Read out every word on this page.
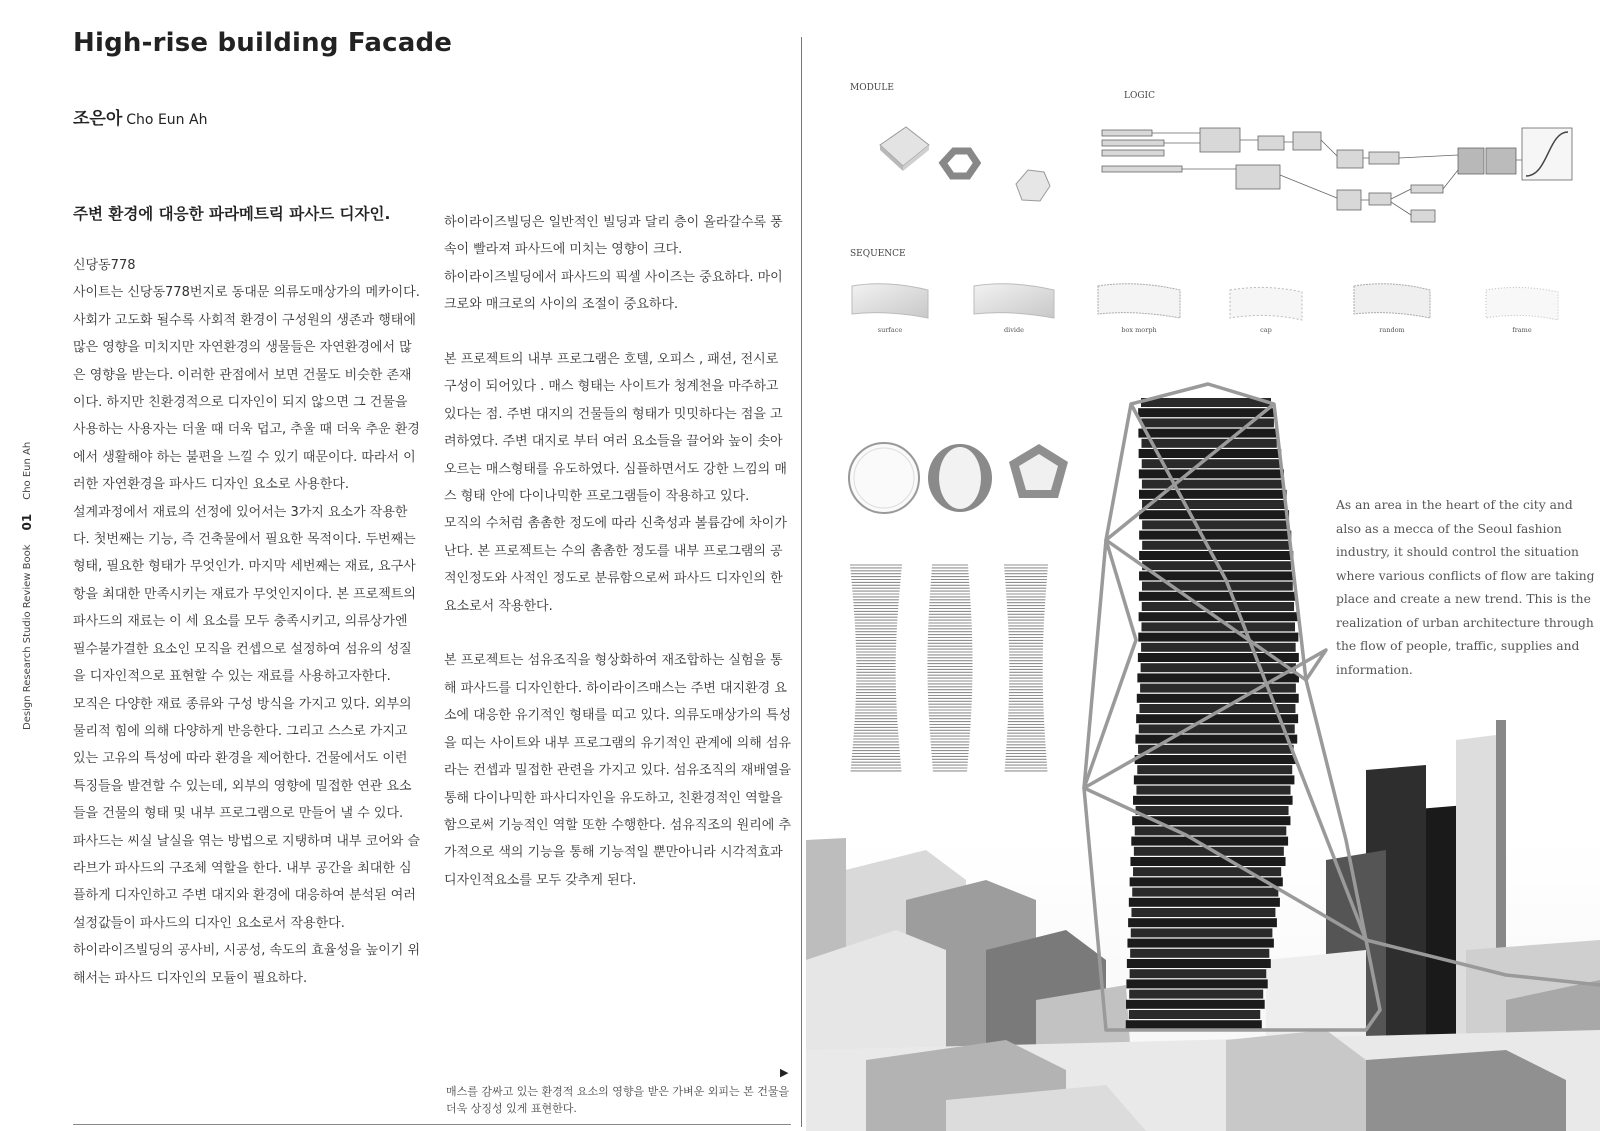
High-rise building Facade
조은아 Cho Eun Ah
Design Research Studio Review Book
01
Cho Eun Ah

주변 환경에 대응한 파라메트릭 파사드 디자인.

신당동778

사이트는 신당동778번지로 동대문 의류도매상가의 메카이다.

사회가 고도화 될수록 사회적 환경이 구성원의 생존과 행태에 많은 영향을 미치지만 자연환경의 생물들은 자연환경에서 많은 영향을 받는다. 이러한 관점에서 보면 건물도 비슷한 존재이다. 하지만 친환경적으로 디자인이 되지 않으면 그 건물을 사용하는 사용자는 더울 때 더욱 덥고, 추울 때 더욱 추운 환경에서 생활해야 하는 불편을 느낄 수 있기 때문이다. 따라서 이러한 자연환경을 파사드 디자인 요소로 사용한다.

설계과정에서 재료의 선정에 있어서는 3가지 요소가 작용한다. 첫번째는 기능, 즉 건축물에서 필요한 목적이다. 두번째는 형태, 필요한 형태가 무엇인가. 마지막 세번째는 재료, 요구사항을 최대한 만족시키는 재료가 무엇인지이다. 본 프로젝트의 파사드의 재료는 이 세 요소를 모두 충족시키고, 의류상가엔 필수불가결한 요소인 모직을 컨셉으로 설정하여 섬유의 성질을 디자인적으로 표현할 수 있는 재료를 사용하고자한다.

모직은 다양한 재료 종류와 구성 방식을 가지고 있다. 외부의 물리적 힘에 의해 다양하게 반응한다. 그리고 스스로 가지고 있는 고유의 특성에 따라 환경을 제어한다. 건물에서도 이런 특징들을 발견할 수 있는데, 외부의 영향에 밀접한 연관 요소들을 건물의 형태 및 내부 프로그램으로 만들어 낼 수 있다.

파사드는 씨실 날실을 엮는 방법으로 지탱하며 내부 코어와 슬라브가 파사드의 구조체 역할을 한다. 내부 공간을 최대한 심플하게 디자인하고 주변 대지와 환경에 대응하여 분석된 여러 설정값들이 파사드의 디자인 요소로서 작용한다.

하이라이즈빌딩의 공사비, 시공성, 속도의 효율성을 높이기 위해서는 파사드 디자인의 모듈이 필요하다.

하이라이즈빌딩은 일반적인 빌딩과 달리 층이 올라갈수록 풍속이 빨라져 파사드에 미치는 영향이 크다.

하이라이즈빌딩에서 파사드의 픽셀 사이즈는 중요하다. 마이크로와 매크로의 사이의 조절이 중요하다.

본 프로젝트의 내부 프로그램은 호텔, 오피스 , 패션, 전시로 구성이 되어있다 . 매스 형태는 사이트가 청계천을 마주하고 있다는 점. 주변 대지의 건물들의 형태가 밋밋하다는 점을 고려하였다. 주변 대지로 부터 여러 요소들을 끌어와 높이 솟아오르는 매스형태를 유도하였다. 심플하면서도 강한 느낌의 매스 형태 안에 다이나믹한 프로그램들이 작용하고 있다.

모직의 수처럼 촘촘한 정도에 따라 신축성과 볼륨감에 차이가 난다. 본 프로젝트는 수의 촘촘한 정도를 내부 프로그램의 공적인정도와 사적인 정도로 분류함으로써 파사드 디자인의 한 요소로서 작용한다.

본 프로젝트는 섬유조직을 형상화하여 재조합하는 실험을 통해 파사드를 디자인한다. 하이라이즈매스는 주변 대지환경 요소에 대응한 유기적인 형태를 띠고 있다. 의류도매상가의 특성을 띠는 사이트와 내부 프로그램의 유기적인 관계에 의해 섬유라는 컨셉과 밀접한 관련을 가지고 있다. 섬유조직의 재배열을 통해 다이나믹한 파사디자인을 유도하고, 친환경적인 역할을 함으로써 기능적인 역할 또한 수행한다. 섬유직조의 원리에 추가적으로 색의 기능을 통해 기능적일 뿐만아니라 시각적효과 디자인적요소를 모두 갖추게 된다.

▶
매스를 감싸고 있는 환경적 요소의 영향을 받은 가벼운 외피는 본 건물을 더욱 상징성 있게 표현한다.
MODULE
LOGIC
SEQUENCE
surface	divide	box morph	cap	random	frame
As an area in the heart of the city and also as a mecca of the Seoul fashion industry, it should control the situation where various conflicts of flow are taking place and create a new trend. This is the realization of urban architecture through the flow of people, traffic, supplies and information.
